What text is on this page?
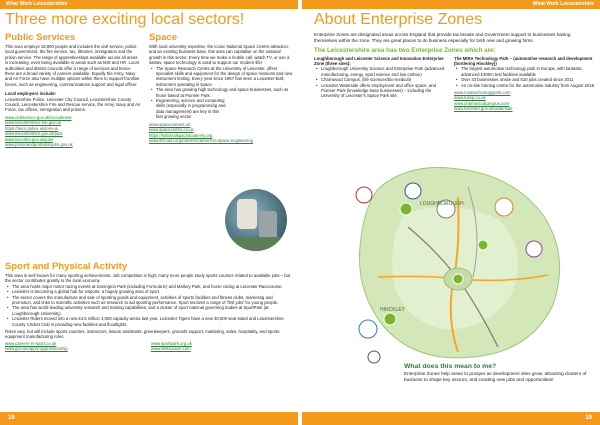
What Work Leicestershire	What Work Leicestershire
Three more exciting local sectors!
Public Services

This area employs 18,900 people and includes the civil service, police, local government, the fire service, tax, libraries, immigration and the prison service. The range of apprenticeships available across all areas is increasing, even being available in areas such as MIS and HR. Local authorities and district councils offer a range of services and hence there are a broad variety of careers available. Equally the Army, Navy and Air Force also have multiple options within them to support frontline forces, such as engineering, communications support and legal officer.

Local employers include:

Leicestershire Police, Leicester City Council, Leicestershire County Council, Leicestershire Fire and Rescue service, the Army, Navy and Air Force, tax offices, immigration and prisons.

www.civilservice.gov.uk/recruitment
www.leicestershire-fire.gov.uk
https://leics.police.uk/join-us
www.leicestershire.gov.uk/jobs
www.leicester.gov.uk/jobs
www.prisonandprobationjobs.gov.uk
Space

With local university expertise, the iconic National Space Centre attraction, and an existing business base, this area can capitalise on the national growth in this sector. Every time we make a mobile call, watch TV, or use a satnav, space technology is used to support our modern life!

• The Space Research Centre at the University of Leicester, offers specialist skills and equipment for the design of space missions and new instrument testing. Every year since 1967 has seen a Leicester-built instrument operating in space.
• The area has growing high technology and space businesses, such as those based at Pioneer Park.
• Engineering, science and computing skills (especially in programming and data management) are key in this fast growing sector
www.spacecareers.uk
www.spacecentre.co.uk
https://nationalspaceacademy.org
www.stfc.ukri.org/careers/careers-in-space-engineering
Sport and Physical Activity

This area is well known for many sporting achievements. Job competition is high; many more people study sports courses related to available jobs – but the sector contributes greatly to the local economy.

• The area hosts major motor racing events at Donington Park (including Formula E) and Mallory Park, and horse racing at Leicester Racecourse.
• Leicester is becoming a global hub for eSports, a hugely growing area of sport.
• The sector covers the manufacture and sale of sporting goods and equipment, activities of sports facilities and fitness clubs, marketing and promotion, and links to scientific activities such as research to aid sporting performance. Sport involves a range of 'first jobs' for young people.
• The area has world-leading university research and training capabilities, and a cluster of sport national governing bodies at SportPark (at Loughborough University).
• Leicester Riders moved into a new £4.5 million 3,000 capacity arena last year, Leicester Tigers have a new 30,000 seat stand and Leicestershire County Cricket Club is providing new facilities and floodlights.

Roles vary, but will include sports coaches, instructors, leisure assistants, greenkeepers, grounds support, marketing, sales, hospitality, and sports equipment manufacturing roles.

www.careers-in-sport.co.uk	www.sportpark.org.uk
www.gov.uk/apply-apprenticeship	www.skillsactive.com
About Enterprise Zones

Enterprise Zones are designated areas across England that provide tax breaks and Government support to businesses basing themselves within the zone. They are great places to do business especially for both new and growing firms.

The Leicestershire area has two Enterprise Zones which are:

Loughborough and Leicester Science and Innovation Enterprise Zone (three sites):

• Loughborough University Science and Enterprise Park (advanced manufacturing, energy, sport science and low carbon)
• Charnwood Campus, (life sciences/bio-medical)
• Leicester Waterside offers employment and office space, and Pioneer Park (knowledge base businesses) – including the University of Leicester's Space Park site.

The MIRA Technology Park – (automotive research and development (bordering Hinckley))

• The largest automotive technology park in Europe, with fantastic, advanced £300m test facilities available
• Over 33 businesses onsite and 510 jobs created since 2011
• An on-site training centre for the automotive industry from August 2018
www.miratechnologypark.com
www.lusep.co.uk
www.charnwoodcampus.com
www.leicester.gov.uk/waterside
LOUGHBOROUGH
HINCKLEY
What does this mean to me?

Enterprise Zones help areas to prosper as development sites grow, attracting clusters of business to shape key sectors, and creating new jobs and opportunities!

18	19
